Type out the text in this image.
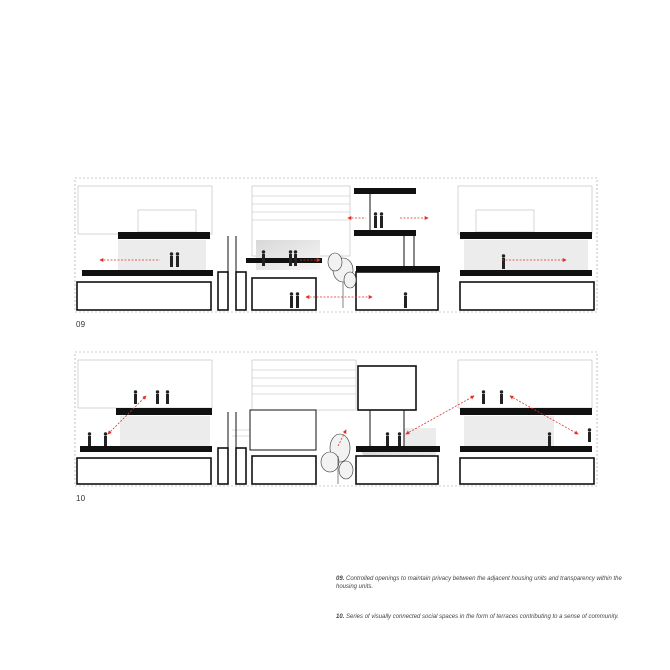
09
10
09. Controlled openings to maintain privacy between the adjacent housing units and transparency within the housing units.
10. Series of visually connected social spaces in the form of terraces contributing to a sense of community.
